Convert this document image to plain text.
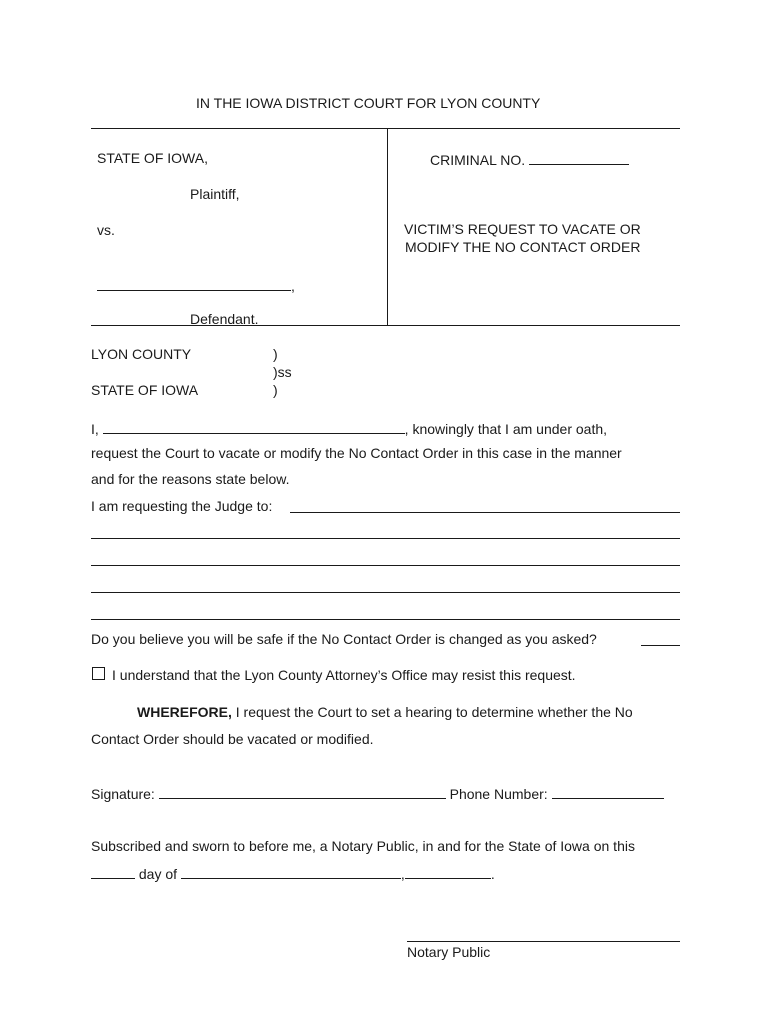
IN THE IOWA DISTRICT COURT FOR LYON COUNTY
STATE OF IOWA,
Plaintiff,
vs.
,
Defendant.
CRIMINAL NO.
VICTIM’S REQUEST TO VACATE OR
MODIFY THE NO CONTACT ORDER
LYON COUNTY
STATE OF IOWA
)
)ss
)
I,	, knowingly that I am under oath,
request the Court to vacate or modify the No Contact Order in this case in the manner
and for the reasons state below.
I am requesting the Judge to:
Do you believe you will be safe if the No Contact Order is changed as you asked?
I understand that the Lyon County Attorney’s Office may resist this request.
WHEREFORE, I request the Court to set a hearing to determine whether the No
Contact Order should be vacated or modified.
Signature:	Phone Number:
Subscribed and sworn to before me, a Notary Public, in and for the State of Iowa on this
day of	,	.
Notary Public
